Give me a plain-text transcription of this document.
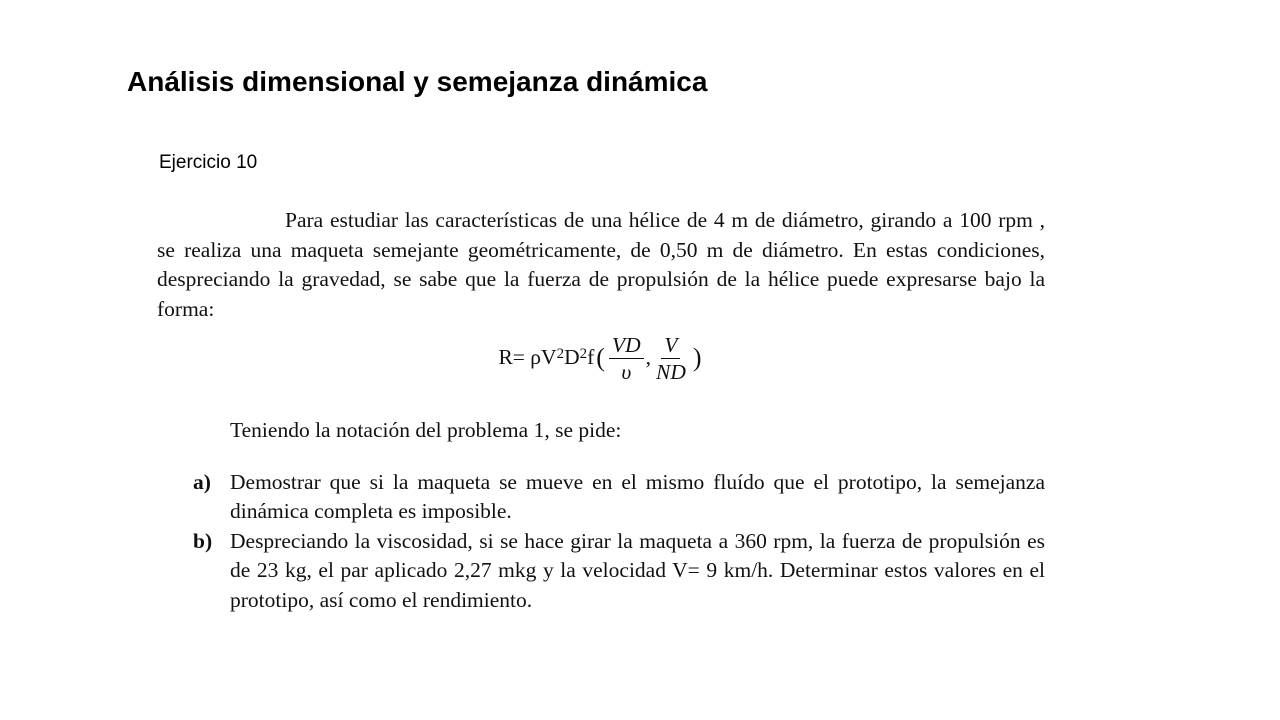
Análisis dimensional y semejanza dinámica
Ejercicio 10

Para estudiar las características de una hélice de 4 m de diámetro, girando a 100 rpm , se realiza una maqueta semejante geométricamente, de 0,50 m de diámetro. En estas condiciones, despreciando la gravedad, se sabe que la fuerza de propulsión de la hélice puede expresarse bajo la forma:

$R= \rho V^2$ $D^2$ f ( $\frac{VD}{\upsilon}$ , $\frac{V}{ND}$ )

Teniendo la notación del problema 1, se pide:

a) Demostrar que si la maqueta se mueve en el mismo fluído que el prototipo, la semejanza dinámica completa es imposible.
b) Despreciando la viscosidad, si se hace girar la maqueta a 360 rpm, la fuerza de propulsión es de 23 kg, el par aplicado 2,27 mkg y la velocidad V= 9 km/h. Determinar estos valores en el prototipo, así como el rendimiento.
